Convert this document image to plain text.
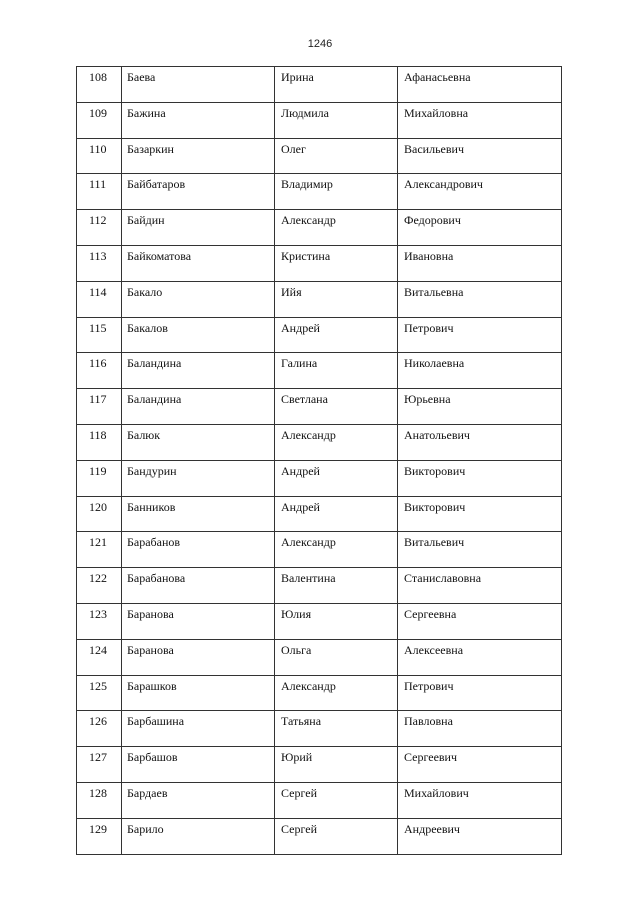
1246
108	Баева	Ирина	Афанасьевна

109	Бажина	Людмила	Михайловна

110	Базаркин	Олег	Васильевич

111	Байбатаров	Владимир	Александрович

112	Байдин	Александр	Федорович

113	Байкоматова	Кристина	Ивановна

114	Бакало	Ийя	Витальевна

115	Бакалов	Андрей	Петрович

116	Баландина	Галина	Николаевна

117	Баландина	Светлана	Юрьевна

118	Балюк	Александр	Анатольевич

119	Бандурин	Андрей	Викторович

120	Банников	Андрей	Викторович

121	Барабанов	Александр	Витальевич

122	Барабанова	Валентина	Станиславовна

123	Баранова	Юлия	Сергеевна

124	Баранова	Ольга	Алексеевна

125	Барашков	Александр	Петрович

126	Барбашина	Татьяна	Павловна

127	Барбашов	Юрий	Сергеевич

128	Бардаев	Сергей	Михайлович

129	Барило	Сергей	Андреевич
